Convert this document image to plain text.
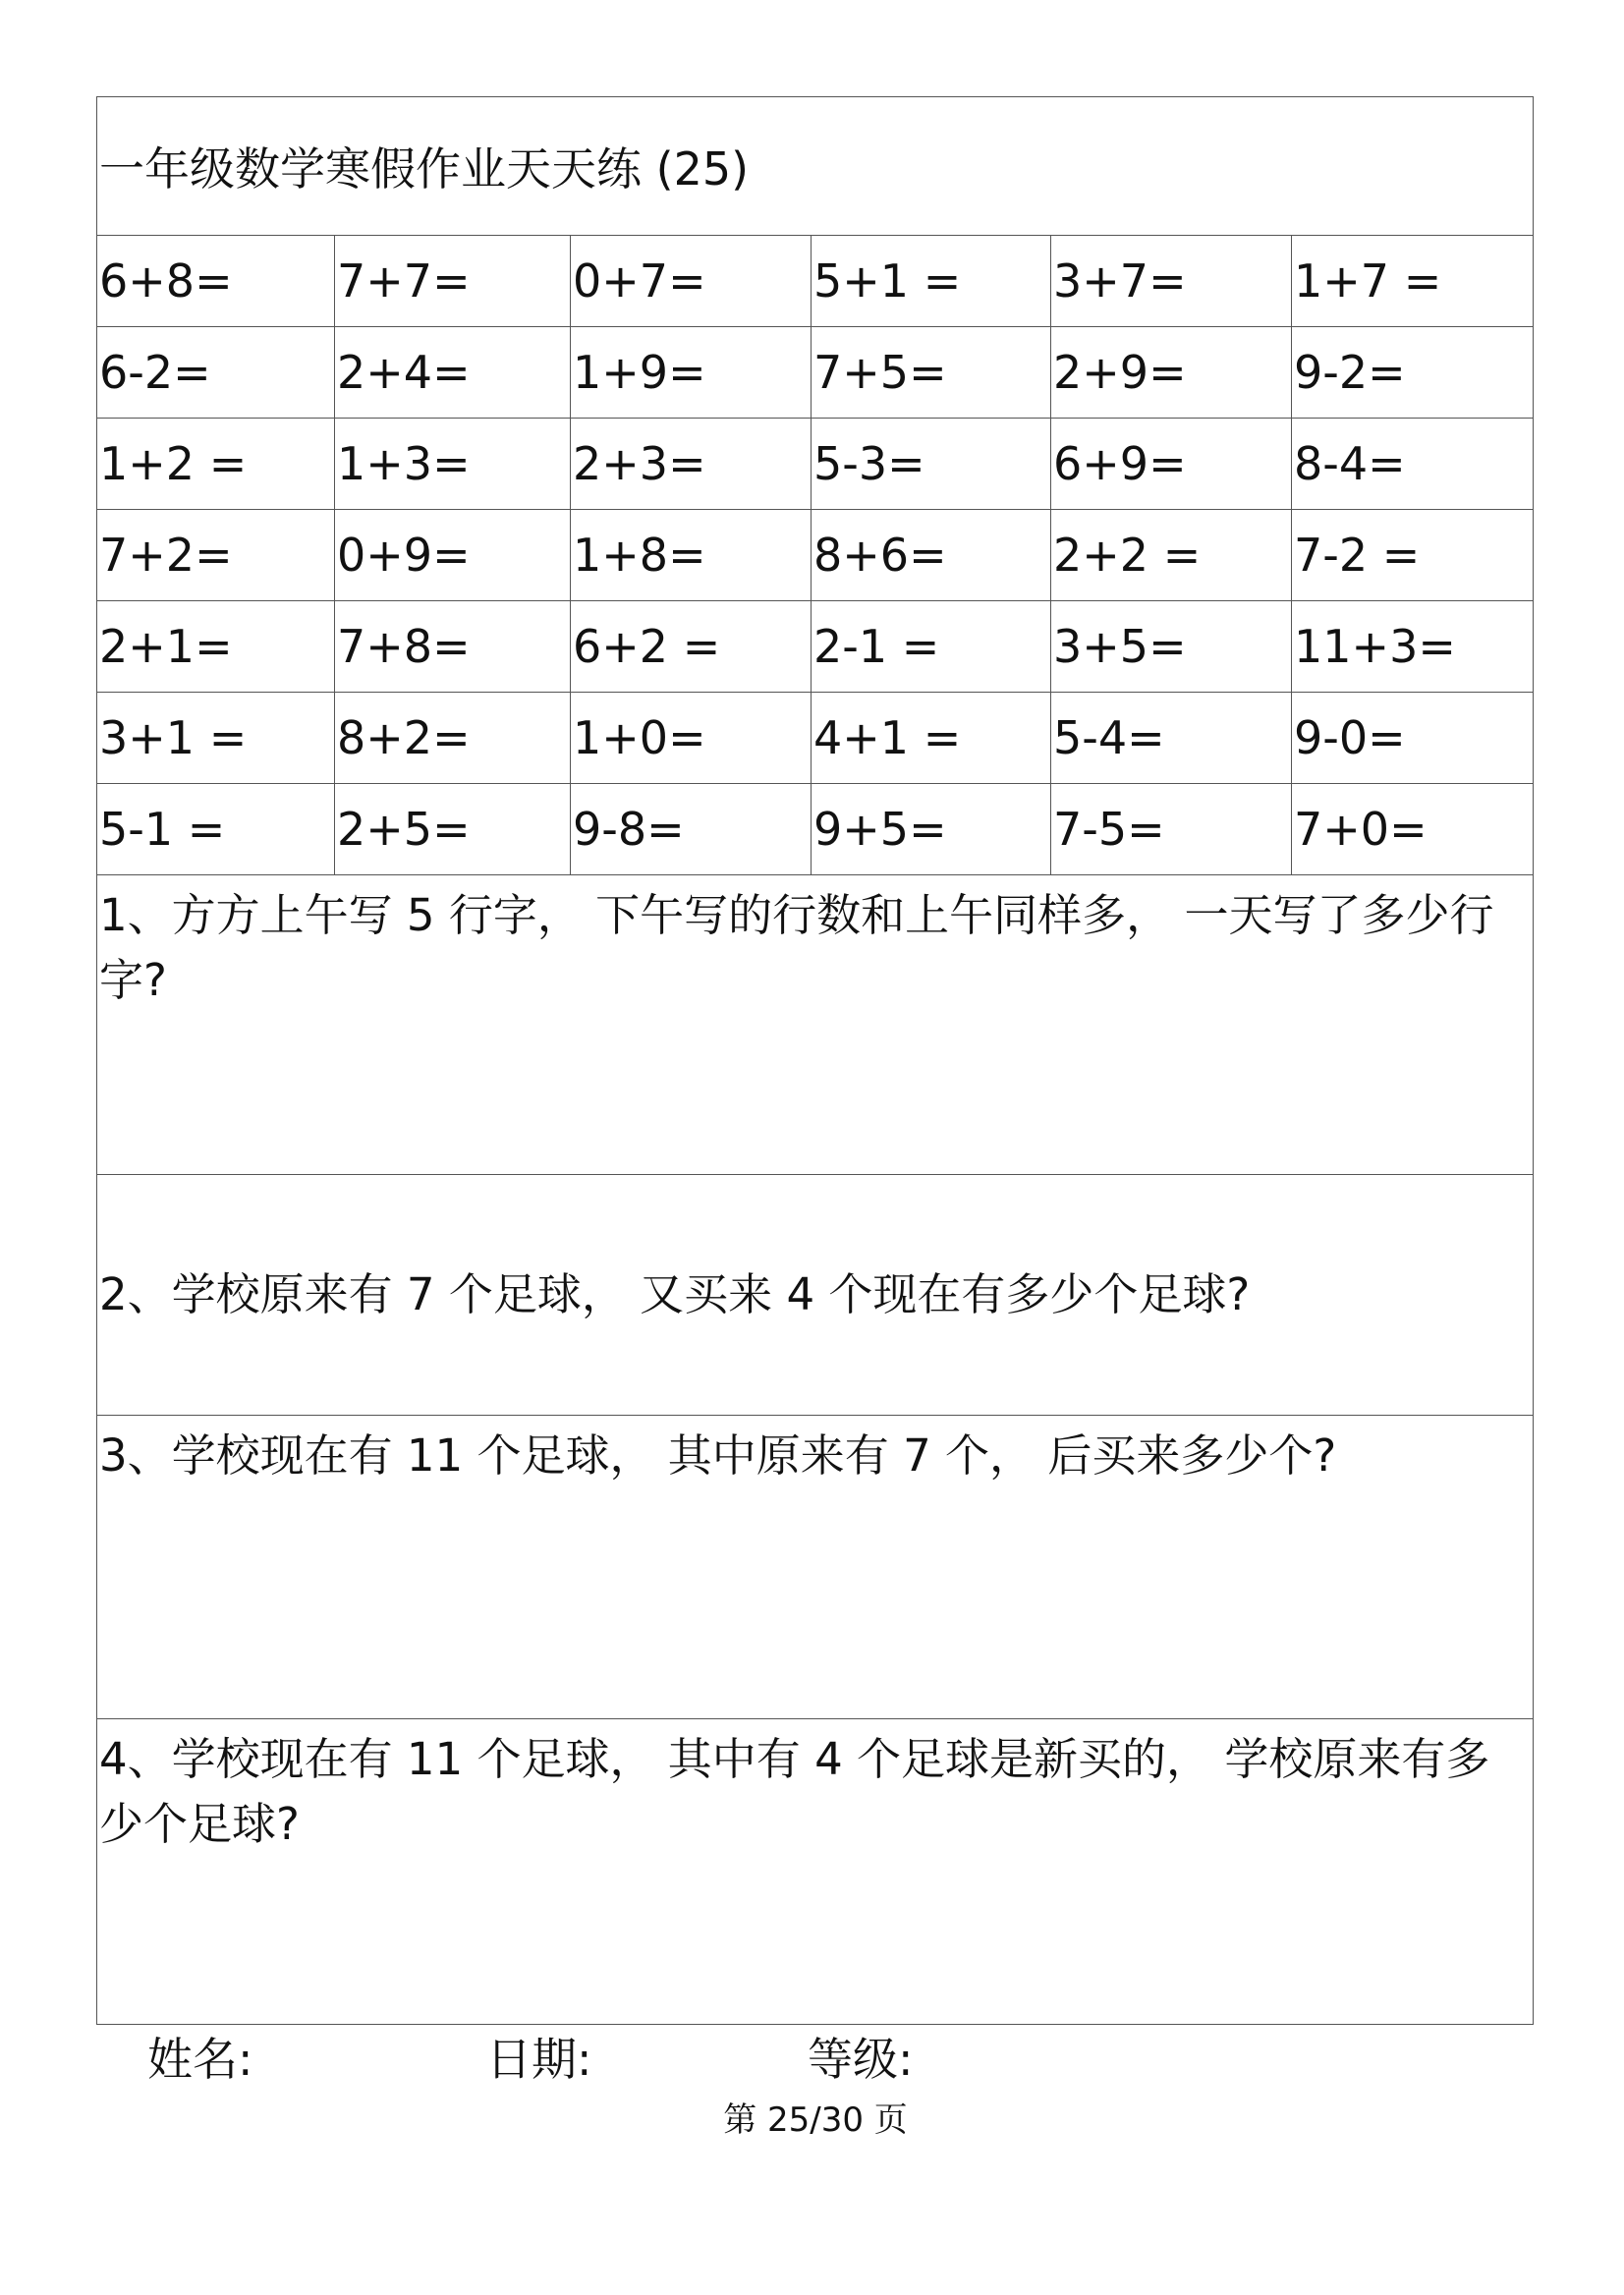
一年级数学寒假作业天天练 (25)					
6+8=	7+7=	0+7=	5+1 =	3+7=	1+7 =
6-2=	2+4=	1+9=	7+5=	2+9=	9-2=
1+2 =	1+3=	2+3=	5-3=	6+9=	8-4=
7+2=	0+9=	1+8=	8+6=	2+2 =	7-2 =
2+1=	7+8=	6+2 =	2-1 =	3+5=	11+3=
3+1 =	8+2=	1+0=	4+1 =	5-4=	9-0=
5-1 =	2+5=	9-8=	9+5=	7-5=	7+0=
1、方方上午写 5 行字， 下午写的行数和上午同样多， 一天写了多少行字?					
2、学校原来有 7 个足球， 又买来 4 个现在有多少个足球?					
3、学校现在有 11 个足球， 其中原来有 7 个， 后买来多少个?					
4、学校现在有 11 个足球， 其中有 4 个足球是新买的， 学校原来有多少个足球?					
姓名:	日期:	等级:
第 25/30 页
